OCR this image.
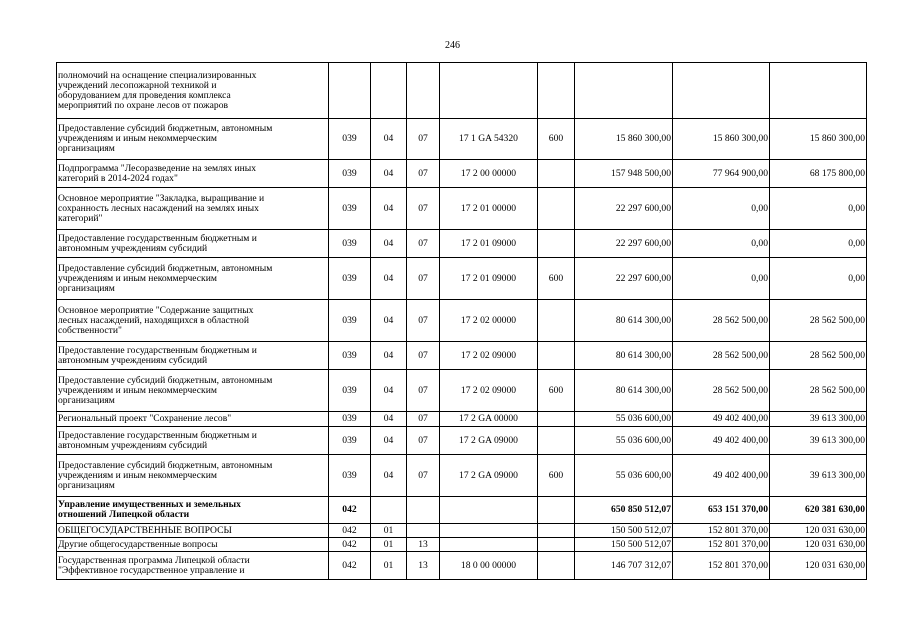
246
полномочий на оснащение специализированных
учреждений лесопожарной техникой и
оборудованием для проведения комплекса
мероприятий по охране лесов от пожаров								

Предоставление субсидий бюджетным, автономным
учреждениям и иным некоммерческим
организациям	039	04	07	17 1 GA 54320	600	15 860 300,00	15 860 300,00	15 860 300,00

Подпрограмма "Лесоразведение на землях иных
категорий в 2014-2024 годах"	039	04	07	17 2 00 00000		157 948 500,00	77 964 900,00	68 175 800,00

Основное мероприятие "Закладка, выращивание и
сохранность лесных насаждений на землях иных
категорий"	039	04	07	17 2 01 00000		22 297 600,00	0,00	0,00

Предоставление государственным бюджетным и
автономным учреждениям субсидий	039	04	07	17 2 01 09000		22 297 600,00	0,00	0,00

Предоставление субсидий бюджетным, автономным
учреждениям и иным некоммерческим
организациям	039	04	07	17 2 01 09000	600	22 297 600,00	0,00	0,00

Основное мероприятие "Содержание защитных
лесных насаждений, находящихся в областной
собственности"	039	04	07	17 2 02 00000		80 614 300,00	28 562 500,00	28 562 500,00

Предоставление государственным бюджетным и
автономным учреждениям субсидий	039	04	07	17 2 02 09000		80 614 300,00	28 562 500,00	28 562 500,00

Предоставление субсидий бюджетным, автономным
учреждениям и иным некоммерческим
организациям	039	04	07	17 2 02 09000	600	80 614 300,00	28 562 500,00	28 562 500,00

Региональный проект "Сохранение лесов"	039	04	07	17 2 GA 00000		55 036 600,00	49 402 400,00	39 613 300,00

Предоставление государственным бюджетным и
автономным учреждениям субсидий	039	04	07	17 2 GA 09000		55 036 600,00	49 402 400,00	39 613 300,00

Предоставление субсидий бюджетным, автономным
учреждениям и иным некоммерческим
организациям	039	04	07	17 2 GA 09000	600	55 036 600,00	49 402 400,00	39 613 300,00

Управление имущественных и земельных
отношений Липецкой области	042					650 850 512,07	653 151 370,00	620 381 630,00

ОБЩЕГОСУДАРСТВЕННЫЕ ВОПРОСЫ	042	01				150 500 512,07	152 801 370,00	120 031 630,00

Другие общегосударственные вопросы	042	01	13			150 500 512,07	152 801 370,00	120 031 630,00

Государственная программа Липецкой области
"Эффективное государственное управление и	042	01	13	18 0 00 00000		146 707 312,07	152 801 370,00	120 031 630,00
